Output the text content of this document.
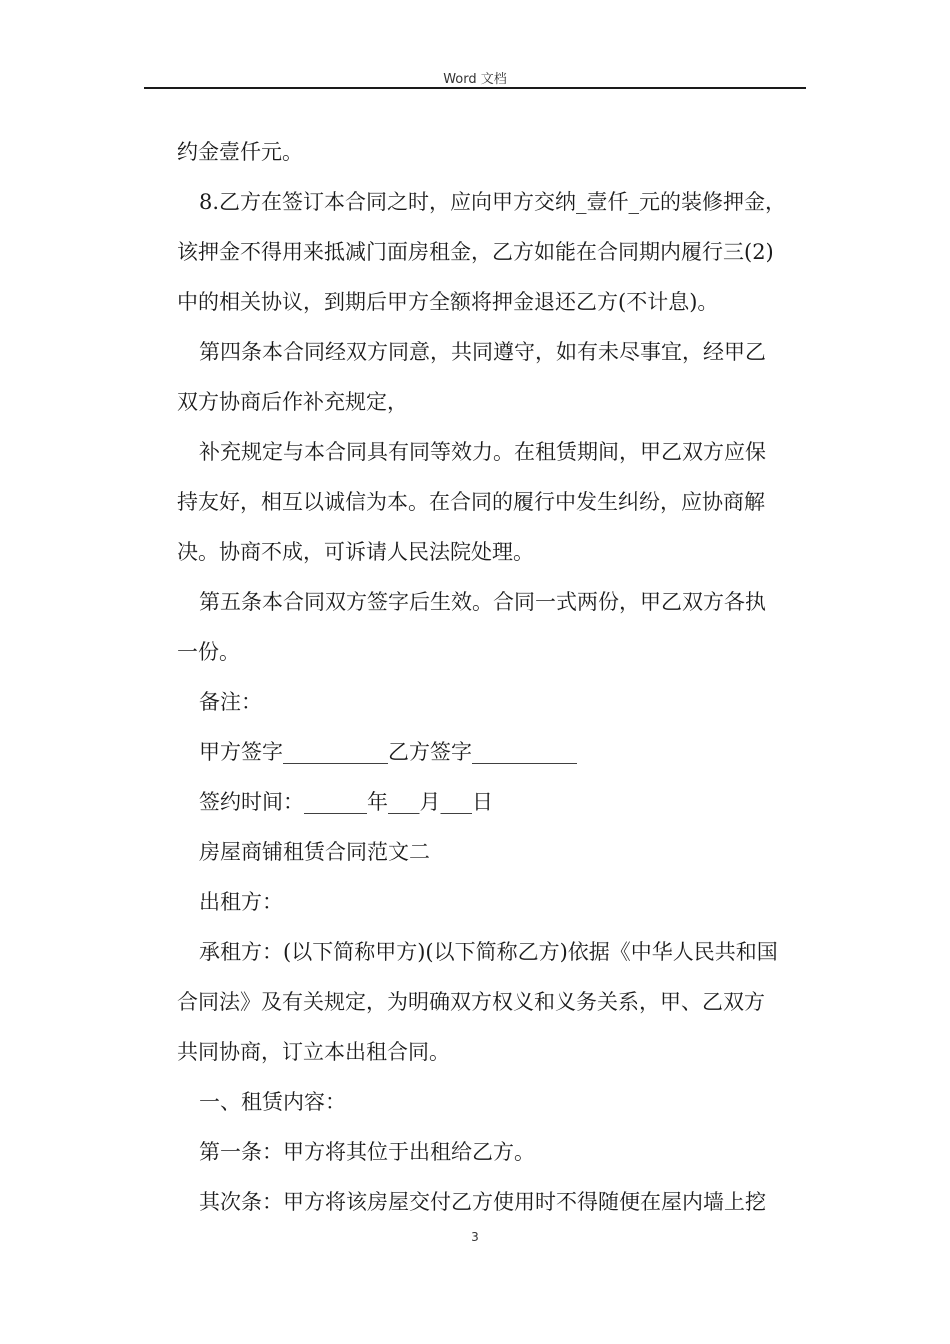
Word 文档

约金壹仟元。

8.乙方在签订本合同之时，应向甲方交纳_壹仟_元的装修押金，

该押金不得用来抵减门面房租金，乙方如能在合同期内履行三(2)

中的相关协议，到期后甲方全额将押金退还乙方(不计息)。

第四条本合同经双方同意，共同遵守，如有未尽事宜，经甲乙

双方协商后作补充规定，

补充规定与本合同具有同等效力。在租赁期间，甲乙双方应保

持友好，相互以诚信为本。在合同的履行中发生纠纷，应协商解

决。协商不成，可诉请人民法院处理。

第五条本合同双方签字后生效。合同一式两份，甲乙双方各执

一份。

备注：

甲方签字__________乙方签字__________

签约时间：______年___月___日

房屋商铺租赁合同范文二

出租方：

承租方：(以下简称甲方)(以下简称乙方)依据《中华人民共和国

合同法》及有关规定，为明确双方权义和义务关系，甲、乙双方

共同协商，订立本出租合同。

一、租赁内容：

第一条：甲方将其位于出租给乙方。

其次条：甲方将该房屋交付乙方使用时不得随便在屋内墙上挖

3
